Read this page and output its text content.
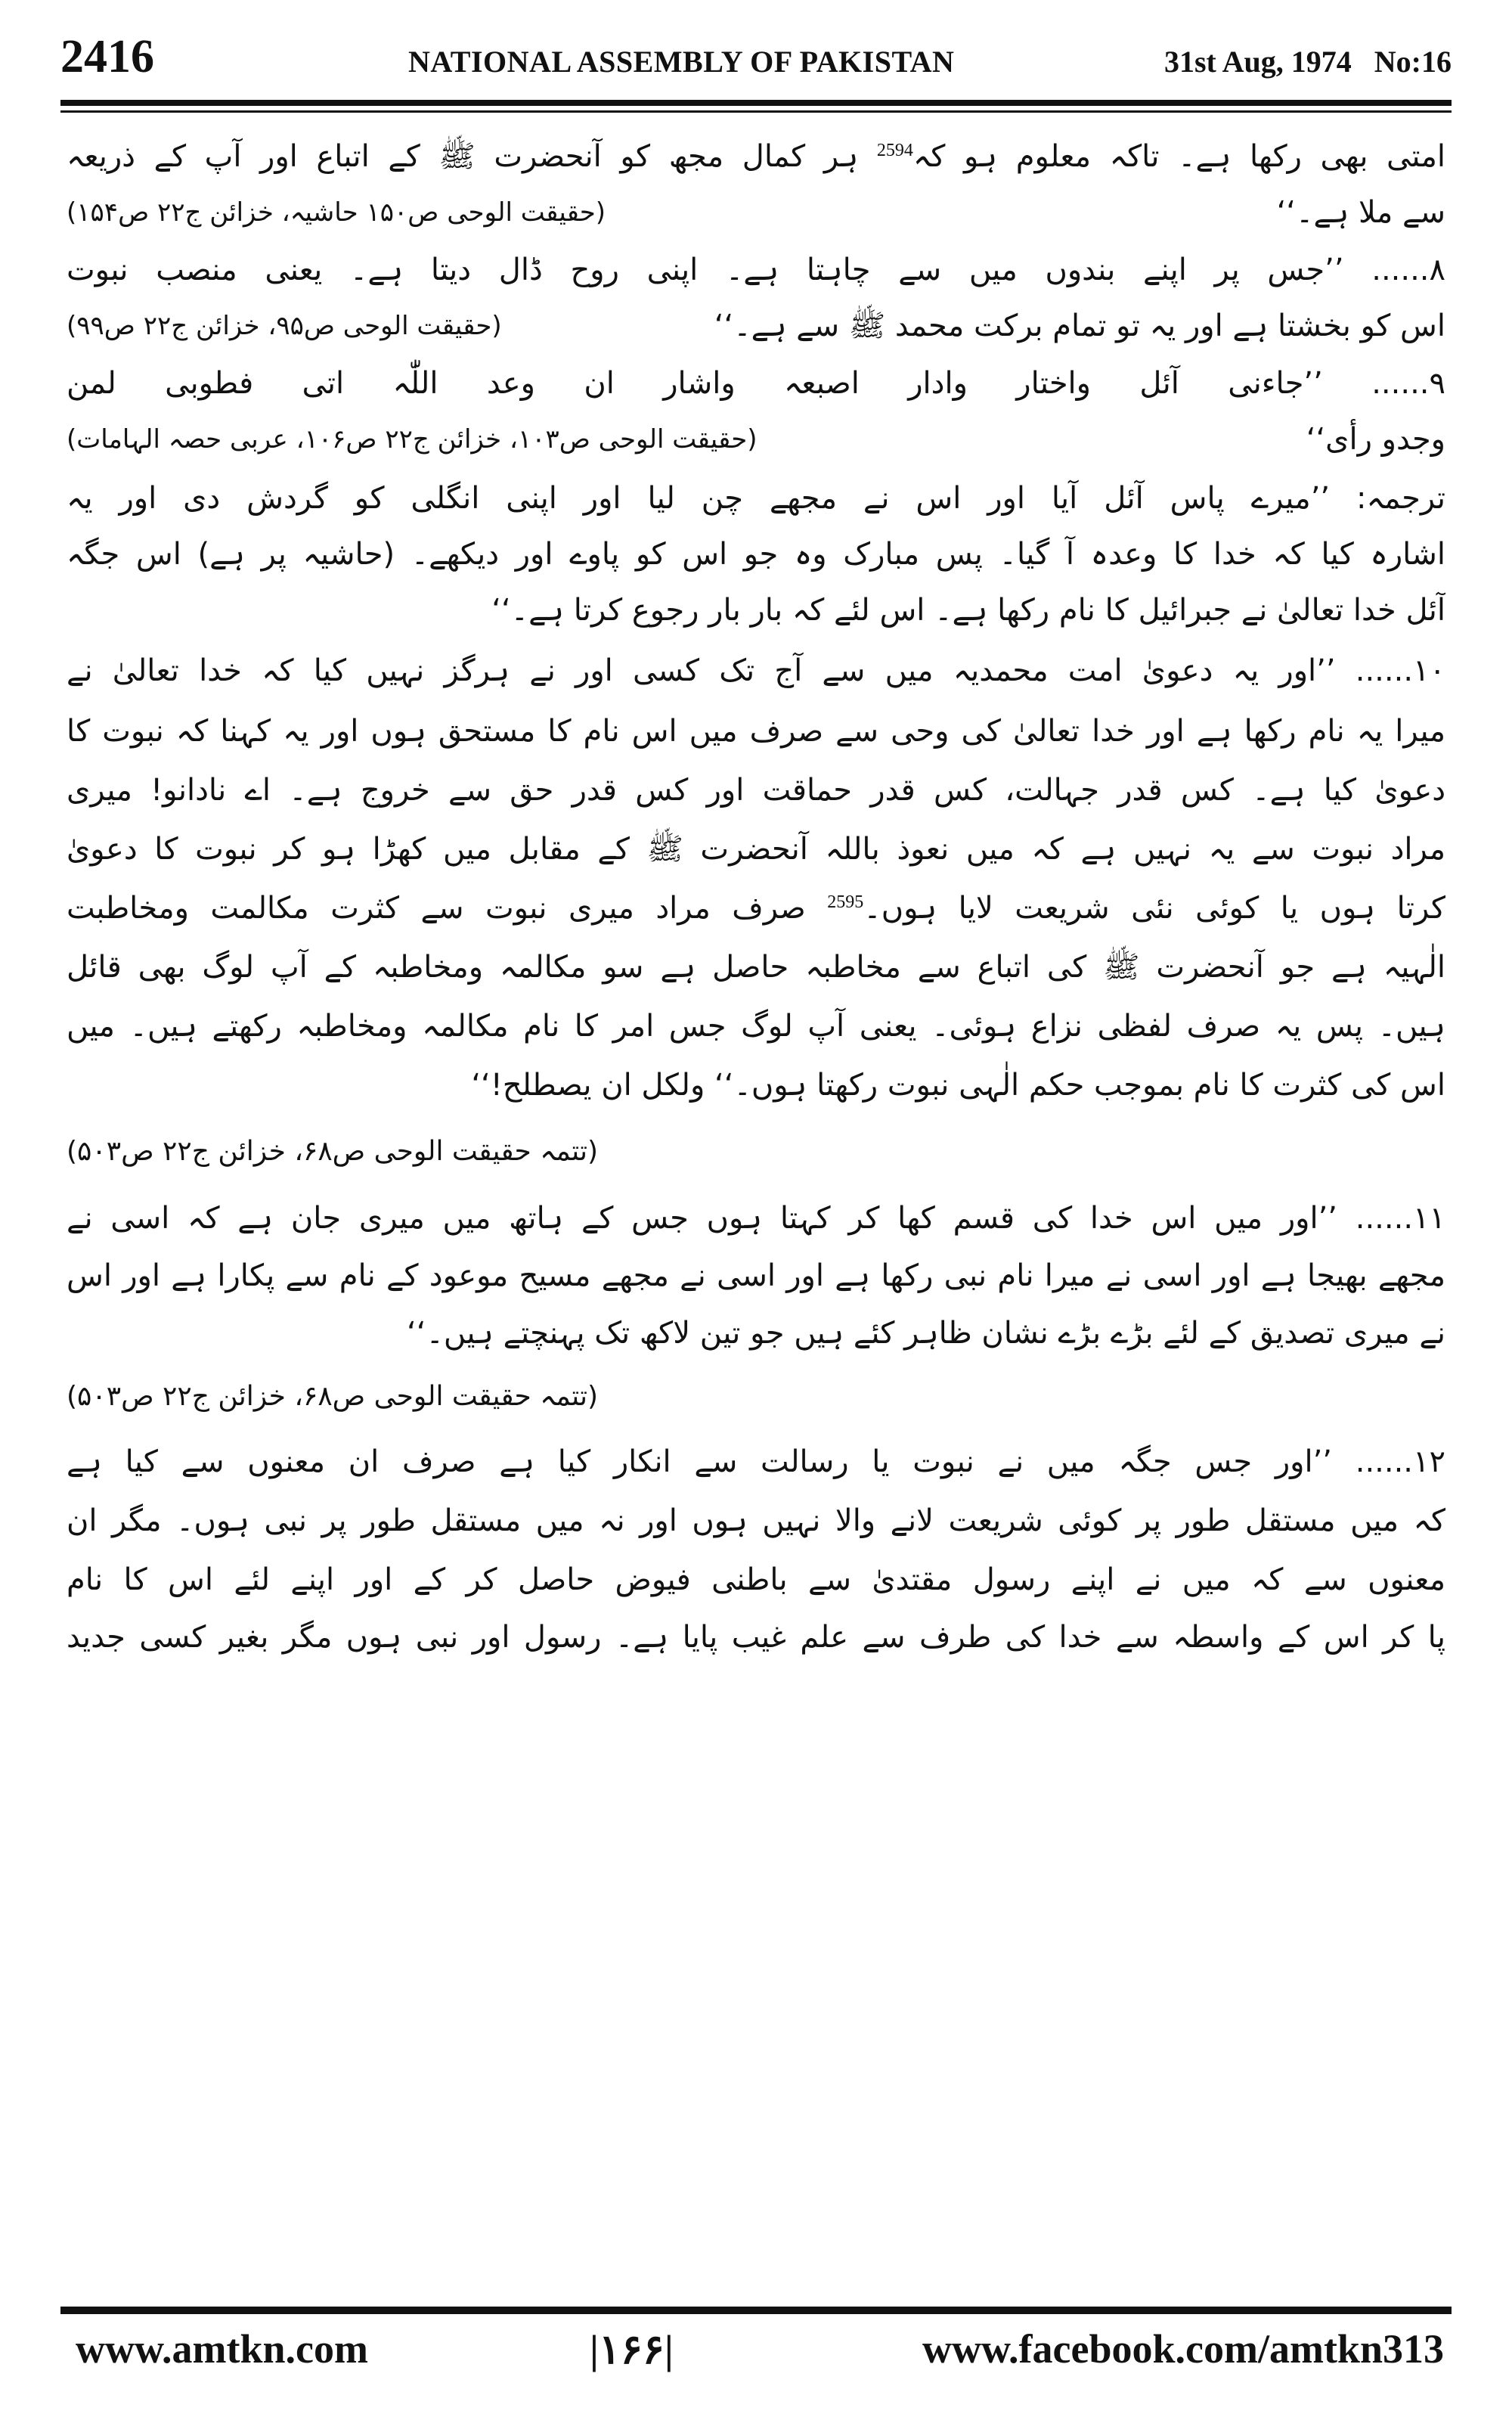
2416	NATIONAL ASSEMBLY OF PAKISTAN	31st Aug, 1974 No:16
امتی بھی رکھا ہے۔ تاکہ معلوم ہو کہ$^{2594}$ ہر کمال مجھ کو آنحضرت ﷺ کے اتباع اور آپ کے ذریعہ
سے ملا ہے۔‘‘
(حقیقت الوحی ص۱۵۰ حاشیہ، خزائن ج۲۲ ص۱۵۴)
۸...... ’’جس پر اپنے بندوں میں سے چاہتا ہے۔ اپنی روح ڈال دیتا ہے۔ یعنی منصب نبوت
اس کو بخشتا ہے اور یہ تو تمام برکت محمد ﷺ سے ہے۔‘‘
(حقیقت الوحی ص۹۵، خزائن ج۲۲ ص۹۹)
۹...... ’’جاءنی آئل واختار وادار اصبعہ واشار ان وعد اللّٰہ اتی فطوبی لمن
وجدو رأی‘‘
(حقیقت الوحی ص۱۰۳، خزائن ج۲۲ ص۱۰۶، عربی حصہ الہامات)
ترجمہ: ’’میرے پاس آئل آیا اور اس نے مجھے چن لیا اور اپنی انگلی کو گردش دی اور یہ
اشارہ کیا کہ خدا کا وعدہ آ گیا۔ پس مبارک وہ جو اس کو پاوے اور دیکھے۔ (حاشیہ پر ہے) اس جگہ
آئل خدا تعالیٰ نے جبرائیل کا نام رکھا ہے۔ اس لئے کہ بار بار رجوع کرتا ہے۔‘‘
۱۰...... ’’اور یہ دعویٰ امت محمدیہ میں سے آج تک کسی اور نے ہرگز نہیں کیا کہ خدا تعالیٰ نے
میرا یہ نام رکھا ہے اور خدا تعالیٰ کی وحی سے صرف میں اس نام کا مستحق ہوں اور یہ کہنا کہ نبوت کا
دعویٰ کیا ہے۔ کس قدر جہالت، کس قدر حماقت اور کس قدر حق سے خروج ہے۔ اے نادانو! میری
مراد نبوت سے یہ نہیں ہے کہ میں نعوذ باللہ آنحضرت ﷺ کے مقابل میں کھڑا ہو کر نبوت کا دعویٰ
کرتا ہوں یا کوئی نئی شریعت لایا ہوں۔$^{2595}$ صرف مراد میری نبوت سے کثرت مکالمت ومخاطبت
الٰہیہ ہے جو آنحضرت ﷺ کی اتباع سے مخاطبہ حاصل ہے سو مکالمہ ومخاطبہ کے آپ لوگ بھی قائل
ہیں۔ پس یہ صرف لفظی نزاع ہوئی۔ یعنی آپ لوگ جس امر کا نام مکالمہ ومخاطبہ رکھتے ہیں۔ میں
اس کی کثرت کا نام بموجب حکم الٰہی نبوت رکھتا ہوں۔‘‘ ولکل ان یصطلح!‘‘
(تتمہ حقیقت الوحی ص۶۸، خزائن ج۲۲ ص۵۰۳)
۱۱...... ’’اور میں اس خدا کی قسم کھا کر کہتا ہوں جس کے ہاتھ میں میری جان ہے کہ اسی نے
مجھے بھیجا ہے اور اسی نے میرا نام نبی رکھا ہے اور اسی نے مجھے مسیح موعود کے نام سے پکارا ہے اور اس
نے میری تصدیق کے لئے بڑے بڑے نشان ظاہر کئے ہیں جو تین لاکھ تک پہنچتے ہیں۔‘‘
(تتمہ حقیقت الوحی ص۶۸، خزائن ج۲۲ ص۵۰۳)
۱۲...... ’’اور جس جگہ میں نے نبوت یا رسالت سے انکار کیا ہے صرف ان معنوں سے کیا ہے
کہ میں مستقل طور پر کوئی شریعت لانے والا نہیں ہوں اور نہ میں مستقل طور پر نبی ہوں۔ مگر ان
معنوں سے کہ میں نے اپنے رسول مقتدیٰ سے باطنی فیوض حاصل کر کے اور اپنے لئے اس کا نام
پا کر اس کے واسطہ سے خدا کی طرف سے علم غیب پایا ہے۔ رسول اور نبی ہوں مگر بغیر کسی جدید
www.amtkn.com	|۱۶۶|	www.facebook.com/amtkn313
